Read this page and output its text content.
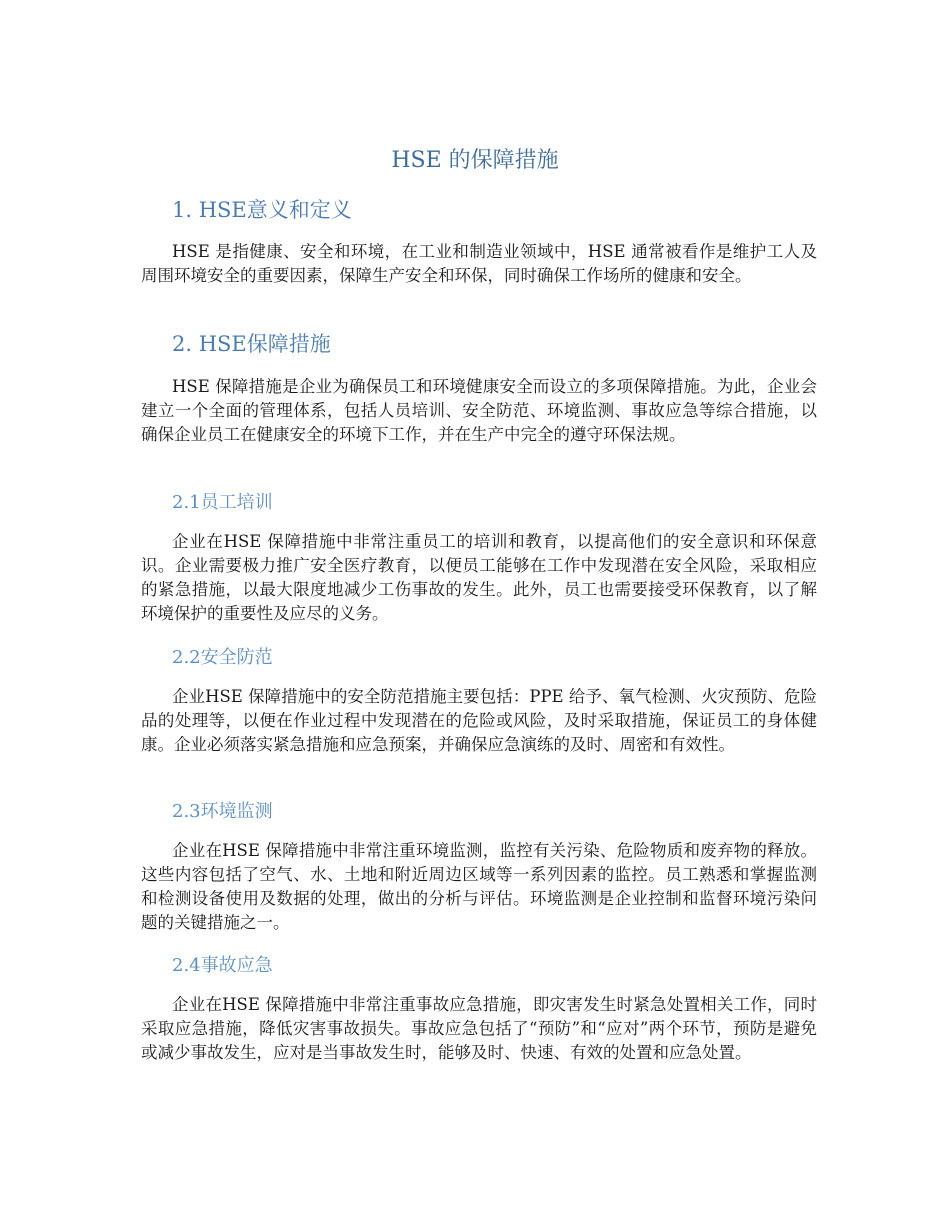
HSE 的保障措施
1. HSE意义和定义

HSE 是指健康、安全和环境，在工业和制造业领域中，HSE 通常被看作是维护工人及周围环境安全的重要因素，保障生产安全和环保，同时确保工作场所的健康和安全。

2. HSE保障措施

HSE 保障措施是企业为确保员工和环境健康安全而设立的多项保障措施。为此，企业会建立一个全面的管理体系，包括人员培训、安全防范、环境监测、事故应急等综合措施，以确保企业员工在健康安全的环境下工作，并在生产中完全的遵守环保法规。

2.1员工培训

企业在HSE 保障措施中非常注重员工的培训和教育，以提高他们的安全意识和环保意识。企业需要极力推广安全医疗教育，以便员工能够在工作中发现潜在安全风险，采取相应的紧急措施，以最大限度地减少工伤事故的发生。此外，员工也需要接受环保教育，以了解环境保护的重要性及应尽的义务。

2.2安全防范

企业HSE 保障措施中的安全防范措施主要包括：PPE 给予、氧气检测、火灾预防、危险品的处理等，以便在作业过程中发现潜在的危险或风险，及时采取措施，保证员工的身体健康。企业必须落实紧急措施和应急预案，并确保应急演练的及时、周密和有效性。

2.3环境监测

企业在HSE 保障措施中非常注重环境监测，监控有关污染、危险物质和废弃物的释放。这些内容包括了空气、水、土地和附近周边区域等一系列因素的监控。员工熟悉和掌握监测和检测设备使用及数据的处理，做出的分析与评估。环境监测是企业控制和监督环境污染问题的关键措施之一。

2.4事故应急

企业在HSE 保障措施中非常注重事故应急措施，即灾害发生时紧急处置相关工作，同时采取应急措施，降低灾害事故损失。事故应急包括了“预防”和“应对”两个环节，预防是避免或减少事故发生，应对是当事故发生时，能够及时、快速、有效的处置和应急处置。
